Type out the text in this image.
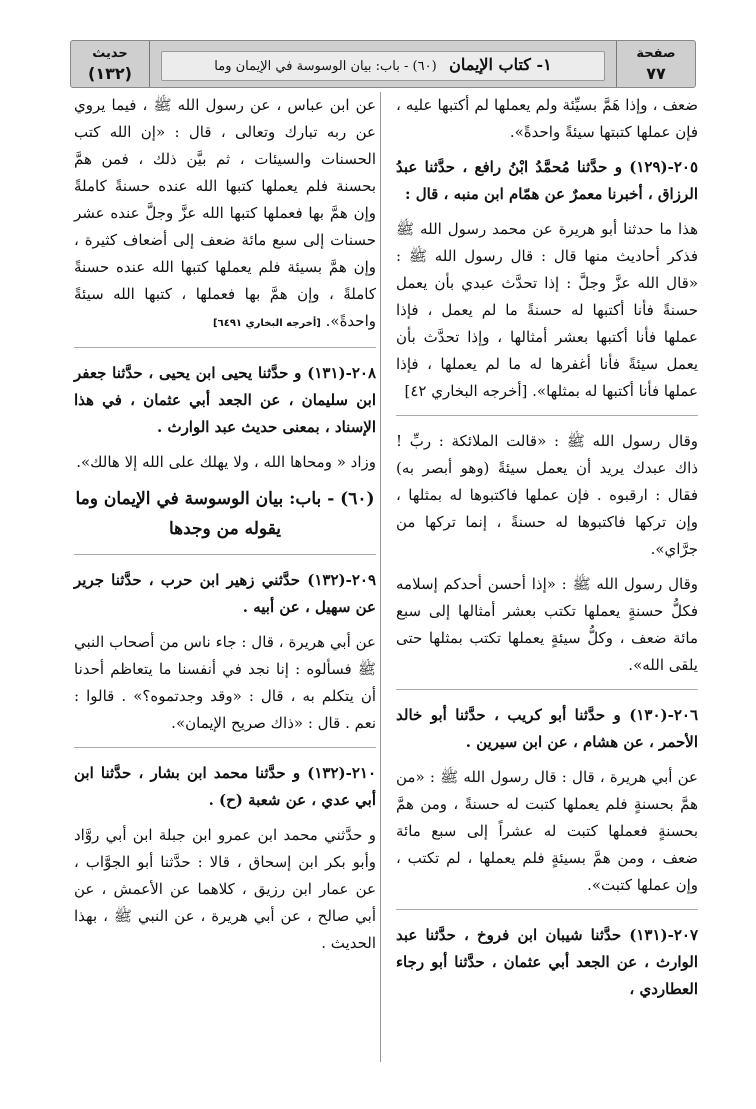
صفحة
٧٧
١- كتاب الإيمان   (٦٠) - باب: بيان الوسوسة في الإيمان وما
حديث
(١٣٢)

ضعف ، وإذا هَمَّ بسيِّئة ولم يعملها لم أكتبها عليه ، فإن عملها كتبتها سيئةً واحدةً».

٢٠٥-(١٢٩) و حدَّثنا مُحمَّدُ ابْنُ رافع ، حدَّثنا عبدُ الرزاق ، أخبرنا معمرٌ عن همّام ابن منبه ، قال :

هذا ما حدثنا أبو هريرة عن محمد رسول الله ﷺ فذكر أحاديث منها قال : قال رسول الله ﷺ : «قال الله عزَّ وجلَّ : إذا تحدَّث عبدي بأن يعمل حسنةً فأنا أكتبها له حسنةً ما لم يعمل ، فإذا عملها فأنا أكتبها بعشر أمثالها ، وإذا تحدَّث بأن يعمل سيئةً فأنا أغفرها له ما لم يعملها ، فإذا عملها فأنا أكتبها له بمثلها». [أخرجه البخاري ٤٢]

وقال رسول الله ﷺ : «قالت الملائكة : ربِّ ! ذاك عبدك يريد أن يعمل سيئةً (وهو أبصر به) فقال : ارقبوه . فإن عملها فاكتبوها له بمثلها ، وإن تركها فاكتبوها له حسنةً ، إنما تركها من جرَّاي».

وقال رسول الله ﷺ : «إذا أحسن أحدكم إسلامه فكلُّ حسنةٍ يعملها تكتب بعشر أمثالها إلى سبع مائة ضعف ، وكلُّ سيئةٍ يعملها تكتب بمثلها حتى يلقى الله».

٢٠٦-(١٣٠) و حدَّثنا أبو كريب ، حدَّثنا أبو خالد الأحمر ، عن هشام ، عن ابن سيرين .

عن أبي هريرة ، قال : قال رسول الله ﷺ : «من همَّ بحسنةٍ فلم يعملها كتبت له حسنةً ، ومن همَّ بحسنةٍ فعملها كتبت له عشراً إلى سبع مائة ضعف ، ومن همَّ بسيئةٍ فلم يعملها ، لم تكتب ، وإن عملها كتبت».

٢٠٧-(١٣١) حدَّثنا شيبان ابن فروخ ، حدَّثنا عبد الوارث ، عن الجعد أبي عثمان ، حدَّثنا أبو رجاء العطاردي ،

عن ابن عباس ، عن رسول الله ﷺ ، فيما يروي عن ربه تبارك وتعالى ، قال : «إن الله كتب الحسنات والسيئات ، ثم بيَّن ذلك ، فمن همَّ بحسنة فلم يعملها كتبها الله عنده حسنةً كاملةً وإن همَّ بها فعملها كتبها الله عزَّ وجلَّ عنده عشر حسنات إلى سبع مائة ضعف إلى أضعاف كثيرة ، وإن همَّ بسيئة فلم يعملها كتبها الله عنده حسنةً كاملةً ، وإن همَّ بها فعملها ، كتبها الله سيئةً واحدةً». [أخرجه البخاري ٦٤٩١]

٢٠٨-(١٣١) و حدَّثنا يحيى ابن يحيى ، حدَّثنا جعفر ابن سليمان ، عن الجعد أبي عثمان ، في هذا الإسناد ، بمعنى حديث عبد الوارث .

وزاد « ومحاها الله ، ولا يهلك على الله إلا هالك».

(٦٠) - باب: بيان الوسوسة في الإيمان وما يقوله من وجدها

٢٠٩-(١٣٢) حدَّثني زهير ابن حرب ، حدَّثنا جرير عن سهيل ، عن أبيه .

عن أبي هريرة ، قال : جاء ناس من أصحاب النبي ﷺ فسألوه : إنا نجد في أنفسنا ما يتعاظم أحدنا أن يتكلم به ، قال : «وقد وجدتموه؟» . قالوا : نعم . قال : «ذاك صريح الإيمان».

٢١٠-(١٣٢) و حدَّثنا محمد ابن بشار ، حدَّثنا ابن أبي عدي ، عن شعبة (ح) .

و حدَّثني محمد ابن عمرو ابن جبلة ابن أبي روَّاد وأبو بكر ابن إسحاق ، قالا : حدَّثنا أبو الجوَّاب ، عن عمار ابن رزيق ، كلاهما عن الأعمش ، عن أبي صالح ، عن أبي هريرة ، عن النبي ﷺ ، بهذا الحديث .
